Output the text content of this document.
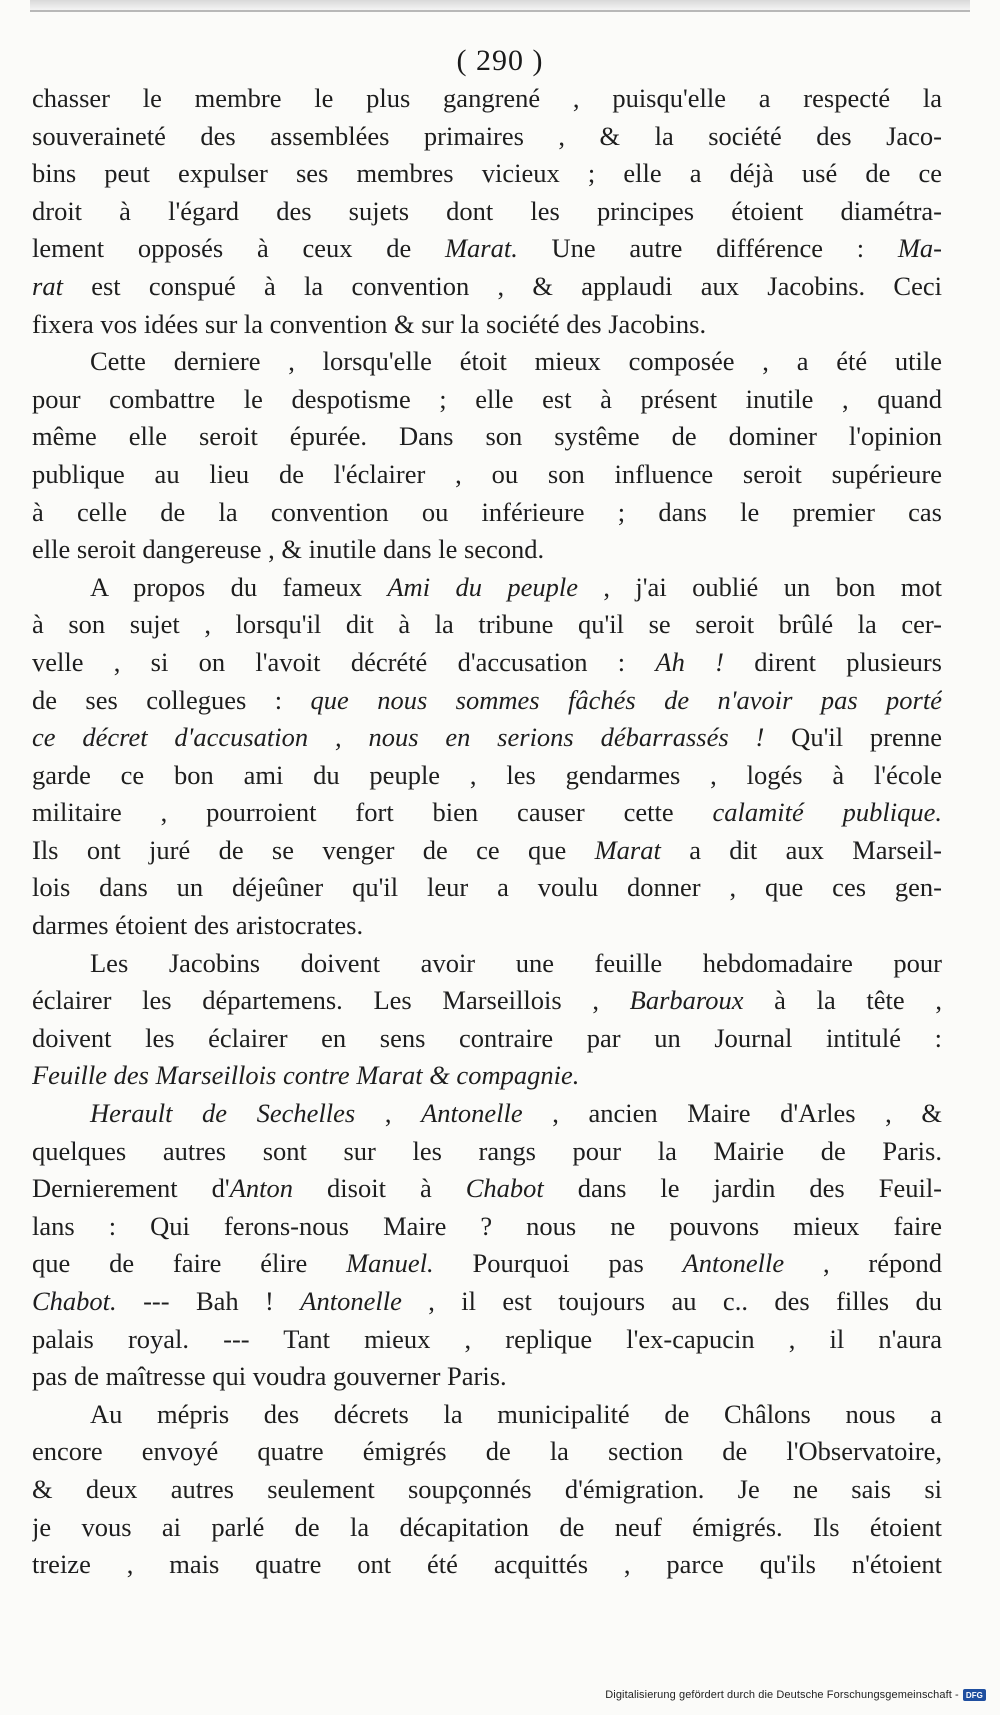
( 290 )
chasser le membre le plus gangrené , puisqu'elle a respecté la
souveraineté des assemblées primaires , & la société des Jaco-
bins peut expulser ses membres vicieux ; elle a déjà usé de ce
droit à l'égard des sujets dont les principes étoient diamétra-
lement opposés à ceux de Marat. Une autre différence : Ma-
rat est conspué à la convention , & applaudi aux Jacobins. Ceci
fixera vos idées sur la convention & sur la société des Jacobins.
Cette derniere , lorsqu'elle étoit mieux composée , a été utile
pour combattre le despotisme ; elle est à présent inutile , quand
même elle seroit épurée. Dans son systême de dominer l'opinion
publique au lieu de l'éclairer , ou son influence seroit supérieure
à celle de la convention ou inférieure ; dans le premier cas
elle seroit dangereuse , & inutile dans le second.
A propos du fameux Ami du peuple , j'ai oublié un bon mot
à son sujet , lorsqu'il dit à la tribune qu'il se seroit brûlé la cer-
velle , si on l'avoit décrété d'accusation : Ah ! dirent plusieurs
de ses collegues : que nous sommes fâchés de n'avoir pas porté
ce décret d'accusation , nous en serions débarrassés ! Qu'il prenne
garde ce bon ami du peuple , les gendarmes , logés à l'école
militaire , pourroient fort bien causer cette calamité publique.
Ils ont juré de se venger de ce que Marat a dit aux Marseil-
lois dans un déjeûner qu'il leur a voulu donner , que ces gen-
darmes étoient des aristocrates.
Les Jacobins doivent avoir une feuille hebdomadaire pour
éclairer les départemens. Les Marseillois , Barbaroux à la tête ,
doivent les éclairer en sens contraire par un Journal intitulé :
Feuille des Marseillois contre Marat & compagnie.
Herault de Sechelles , Antonelle , ancien Maire d'Arles , &
quelques autres sont sur les rangs pour la Mairie de Paris.
Dernierement d'Anton disoit à Chabot dans le jardin des Feuil-
lans : Qui ferons-nous Maire ? nous ne pouvons mieux faire
que de faire élire Manuel. Pourquoi pas Antonelle , répond
Chabot. --- Bah ! Antonelle , il est toujours au c.. des filles du
palais royal. --- Tant mieux , replique l'ex-capucin , il n'aura
pas de maîtresse qui voudra gouverner Paris.
Au mépris des décrets la municipalité de Châlons nous a
encore envoyé quatre émigrés de la section de l'Observatoire,
& deux autres seulement soupçonnés d'émigration. Je ne sais si
je vous ai parlé de la décapitation de neuf émigrés. Ils étoient
treize , mais quatre ont été acquittés , parce qu'ils n'étoient
Digitalisierung gefördert durch die Deutsche Forschungsgemeinschaft - DFG
